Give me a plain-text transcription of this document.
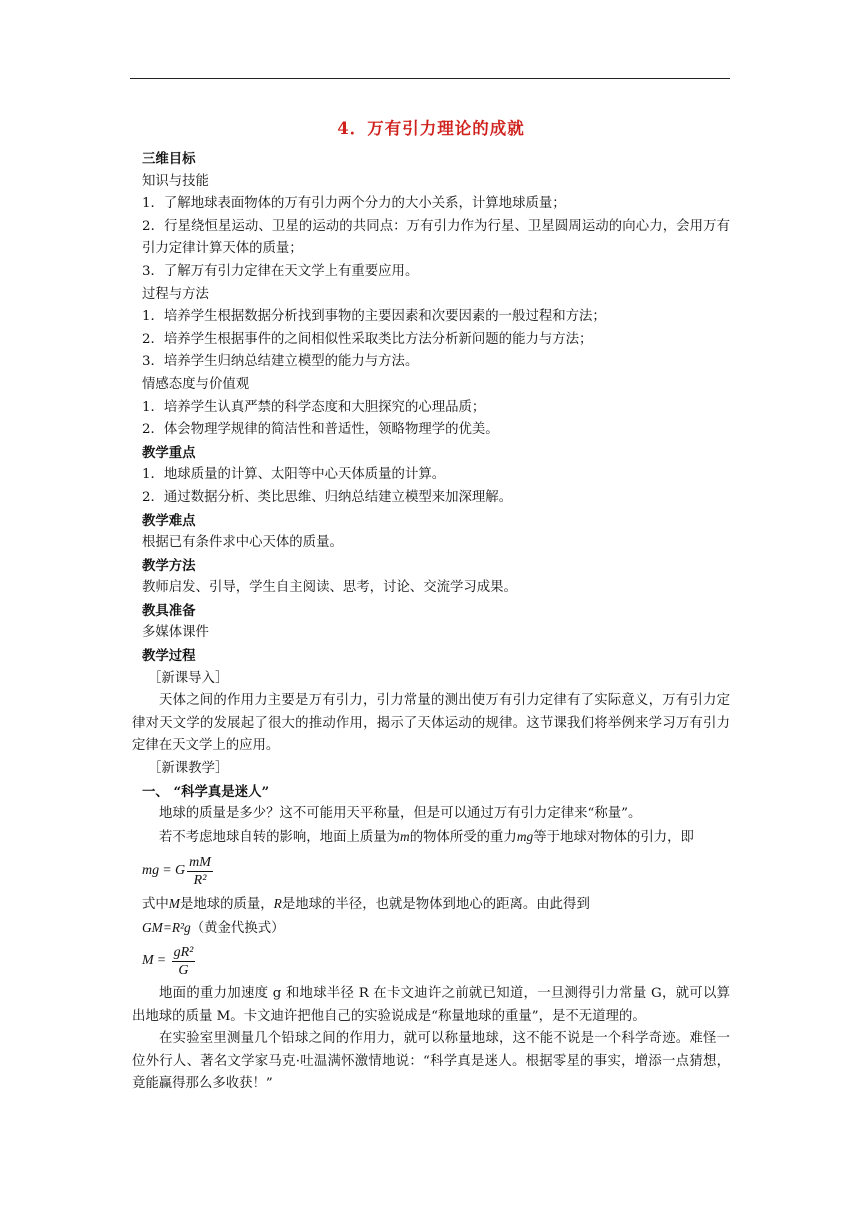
4．万有引力理论的成就

三维目标

知识与技能

1．了解地球表面物体的万有引力两个分力的大小关系，计算地球质量；

2．行星绕恒星运动、卫星的运动的共同点：万有引力作为行星、卫星圆周运动的向心力，会用万有引力定律计算天体的质量；

3．了解万有引力定律在天文学上有重要应用。

过程与方法

1．培养学生根据数据分析找到事物的主要因素和次要因素的一般过程和方法；

2．培养学生根据事件的之间相似性采取类比方法分析新问题的能力与方法；

3．培养学生归纳总结建立模型的能力与方法。

情感态度与价值观

1．培养学生认真严禁的科学态度和大胆探究的心理品质；

2．体会物理学规律的简洁性和普适性，领略物理学的优美。

教学重点

1．地球质量的计算、太阳等中心天体质量的计算。

2．通过数据分析、类比思维、归纳总结建立模型来加深理解。

教学难点

根据已有条件求中心天体的质量。

教学方法

教师启发、引导，学生自主阅读、思考，讨论、交流学习成果。

教具准备

多媒体课件

教学过程

［新课导入］

天体之间的作用力主要是万有引力，引力常量的测出使万有引力定律有了实际意义，万有引力定律对天文学的发展起了很大的推动作用，揭示了天体运动的规律。这节课我们将举例来学习万有引力定律在天文学上的应用。

［新课教学］

一、 “科学真是迷人”

地球的质量是多少？这不可能用天平称量，但是可以通过万有引力定律来“称量”。

若不考虑地球自转的影响，地面上质量为m的物体所受的重力mg等于地球对物体的引力，即

mg = G $\frac{mM}{\text{R²}}$

式中M是地球的质量，R是地球的半径，也就是物体到地心的距离。由此得到

GM=R²g（黄金代换式）
$M = \frac{\text{gR²}}{G}$

地面的重力加速度 g 和地球半径 R 在卡文迪许之前就已知道，一旦测得引力常量 G，就可以算出地球的质量 M。卡文迪许把他自己的实验说成是“称量地球的重量”，是不无道理的。

在实验室里测量几个铅球之间的作用力，就可以称量地球，这不能不说是一个科学奇迹。难怪一位外行人、著名文学家马克·吐温满怀激情地说：“科学真是迷人。根据零星的事实，增添一点猜想，竟能赢得那么多收获！”
